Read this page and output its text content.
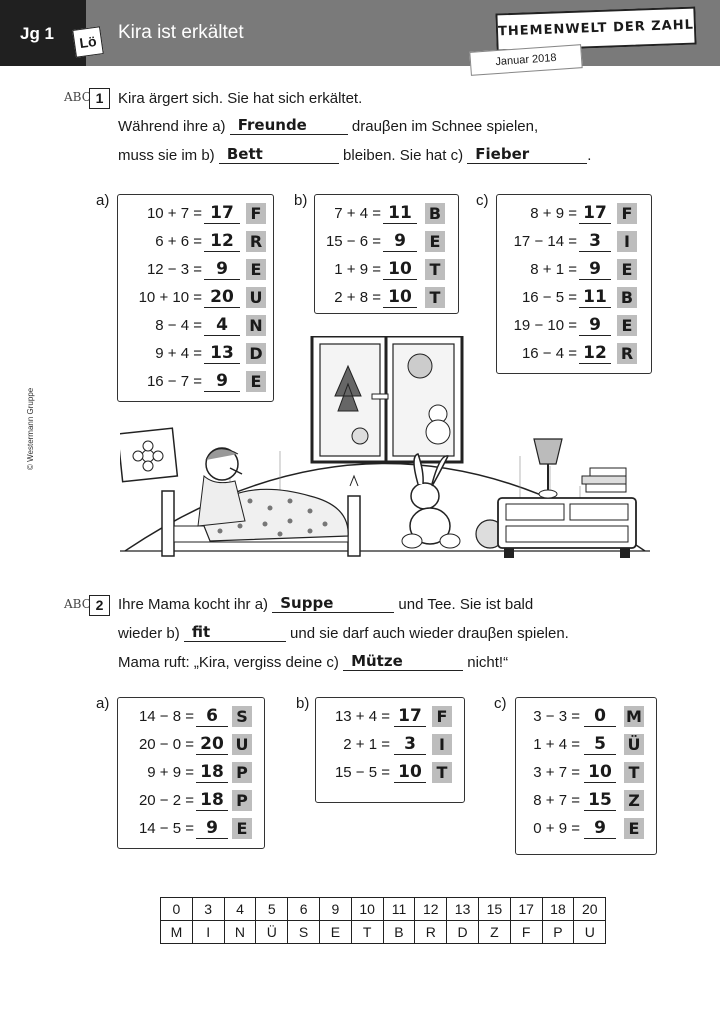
Jg 1	Lö	Kira ist erkältet	THEMENWELT DER ZAHL
Januar 2018
© Westermann Gruppe
ABC 1 Kira ärgert sich. Sie hat sich erkältet.
Während ihre a) Freunde	drauβen im Schnee spielen,
muss sie im b) Bett	bleiben. Sie hat c) Fieber	.
a)
10 + 7 = 17	F
6 + 6 = 12	R
12 − 3 = 9	E
10 + 10 = 20 U
8 − 4 = 4	N
9 + 4 = 13 D
16 − 7 = 9	E
b)
7 + 4 = 11	B
15 − 6 = 9	E
1 + 9 = 10	T
2 + 8 = 10	T
c)
8 + 9 = 17 F
17 − 14 = 3	I
8 + 1 = 9	E
16 − 5 = 11 B
19 − 10 = 9	E
16 − 4 = 12 R
ABC 2 Ihre Mama kocht ihr a) Suppe	und Tee. Sie ist bald
wieder b) fit	und sie darf auch wieder drauβen spielen.
Mama ruft: „Kira, vergiss deine c) Mütze	nicht!“
a)
14 − 8 = 6	S
20 − 0 = 20 U
9 + 9 = 18 P
20 − 2 = 18 P
14 − 5 = 9	E
b)
13 + 4 = 17 F
2 + 1 = 3	I
15 − 5 = 10 T
c)
3 − 3 = 0	M
1 + 4 = 5	Ü
3 + 7 = 10 T
8 + 7 = 15 Z
0 + 9 = 9	E
0	3	4	5	6	9	10	11	12	13	15	17	18	20
M	I	N	Ü	S	E	T	B	R	D	Z	F	P	U
